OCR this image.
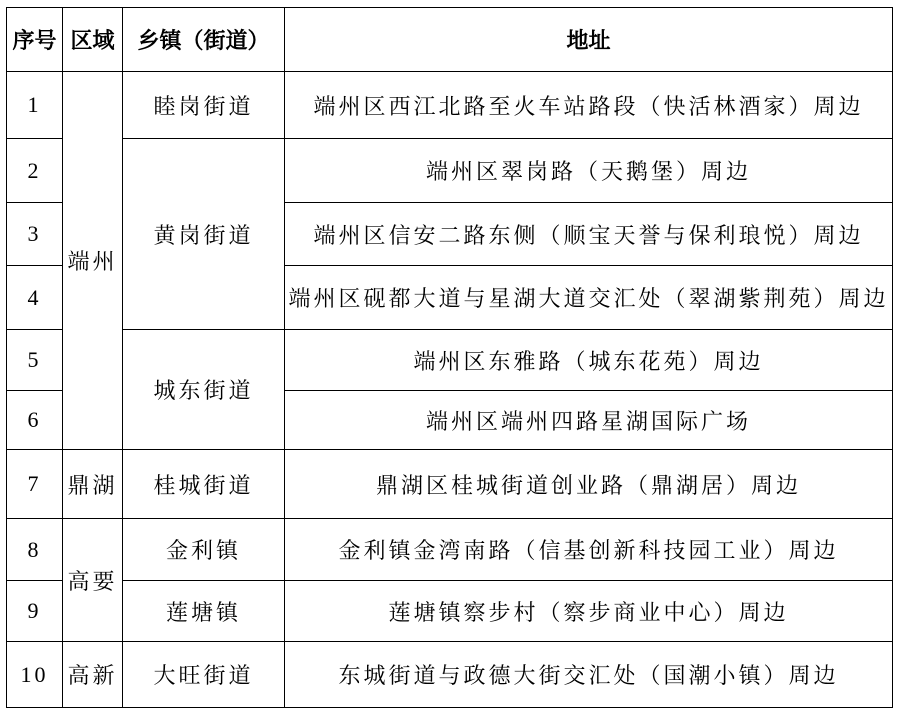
序号	区域	乡镇（街道）	地址
1	端州	睦岗街道	端州区西江北路至火车站路段（快活林酒家）周边
2		黄岗街道	端州区翠岗路（天鹅堡）周边
3			端州区信安二路东侧（顺宝天誉与保利琅悦）周边
4			端州区砚都大道与星湖大道交汇处（翠湖紫荆苑）周边
5		城东街道	端州区东雅路（城东花苑）周边
6			端州区端州四路星湖国际广场
7	鼎湖	桂城街道	鼎湖区桂城街道创业路（鼎湖居）周边
8	高要	金利镇	金利镇金湾南路（信基创新科技园工业）周边
9		莲塘镇	莲塘镇察步村（察步商业中心）周边
10	高新	大旺街道	东城街道与政德大街交汇处（国潮小镇）周边
